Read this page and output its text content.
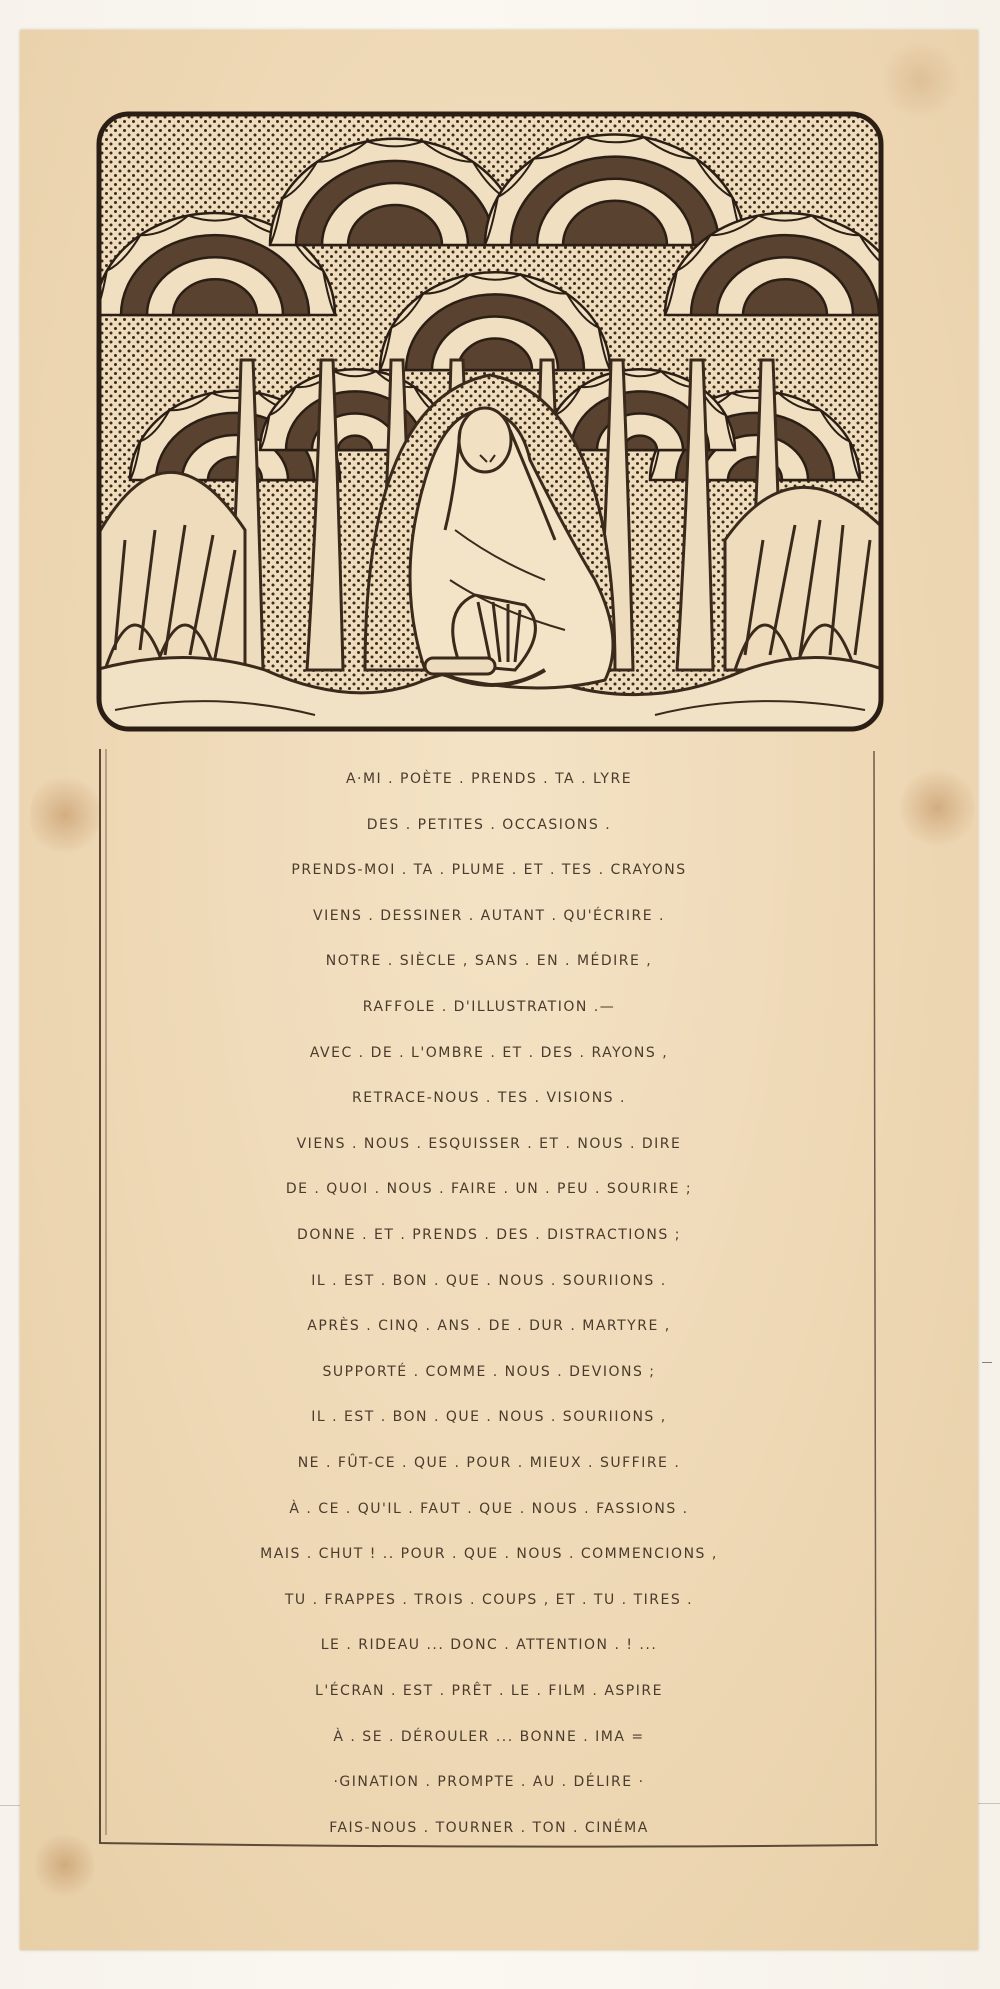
A·MI . POÈTE . PRENDS . TA . LYRE
DES . PETITES . OCCASIONS .
PRENDS-MOI . TA . PLUME . ET . TES . CRAYONS
VIENS . DESSINER . AUTANT . QU'ÉCRIRE .
NOTRE . SIÈCLE , SANS . EN . MÉDIRE ,
RAFFOLE . D'ILLUSTRATION .—
AVEC . DE . L'OMBRE . ET . DES . RAYONS ,
RETRACE-NOUS . TES . VISIONS .
VIENS . NOUS . ESQUISSER . ET . NOUS . DIRE
DE . QUOI . NOUS . FAIRE . UN . PEU . SOURIRE ;
DONNE . ET . PRENDS . DES . DISTRACTIONS ;
IL . EST . BON . QUE . NOUS . SOURIIONS .
APRÈS . CINQ . ANS . DE . DUR . MARTYRE ,
SUPPORTÉ . COMME . NOUS . DEVIONS ;
IL . EST . BON . QUE . NOUS . SOURIIONS ,
NE . FÛT-CE . QUE . POUR . MIEUX . SUFFIRE .
À . CE . QU'IL . FAUT . QUE . NOUS . FASSIONS .
MAIS . CHUT ! .. POUR . QUE . NOUS . COMMENCIONS ,
TU . FRAPPES . TROIS . COUPS , ET . TU . TIRES .
LE . RIDEAU ... DONC . ATTENTION . ! ...
L'ÉCRAN . EST . PRÊT . LE . FILM . ASPIRE
À . SE . DÉROULER ... BONNE . IMA =
·GINATION . PROMPTE . AU . DÉLIRE ·
FAIS-NOUS . TOURNER . TON . CINÉMA
